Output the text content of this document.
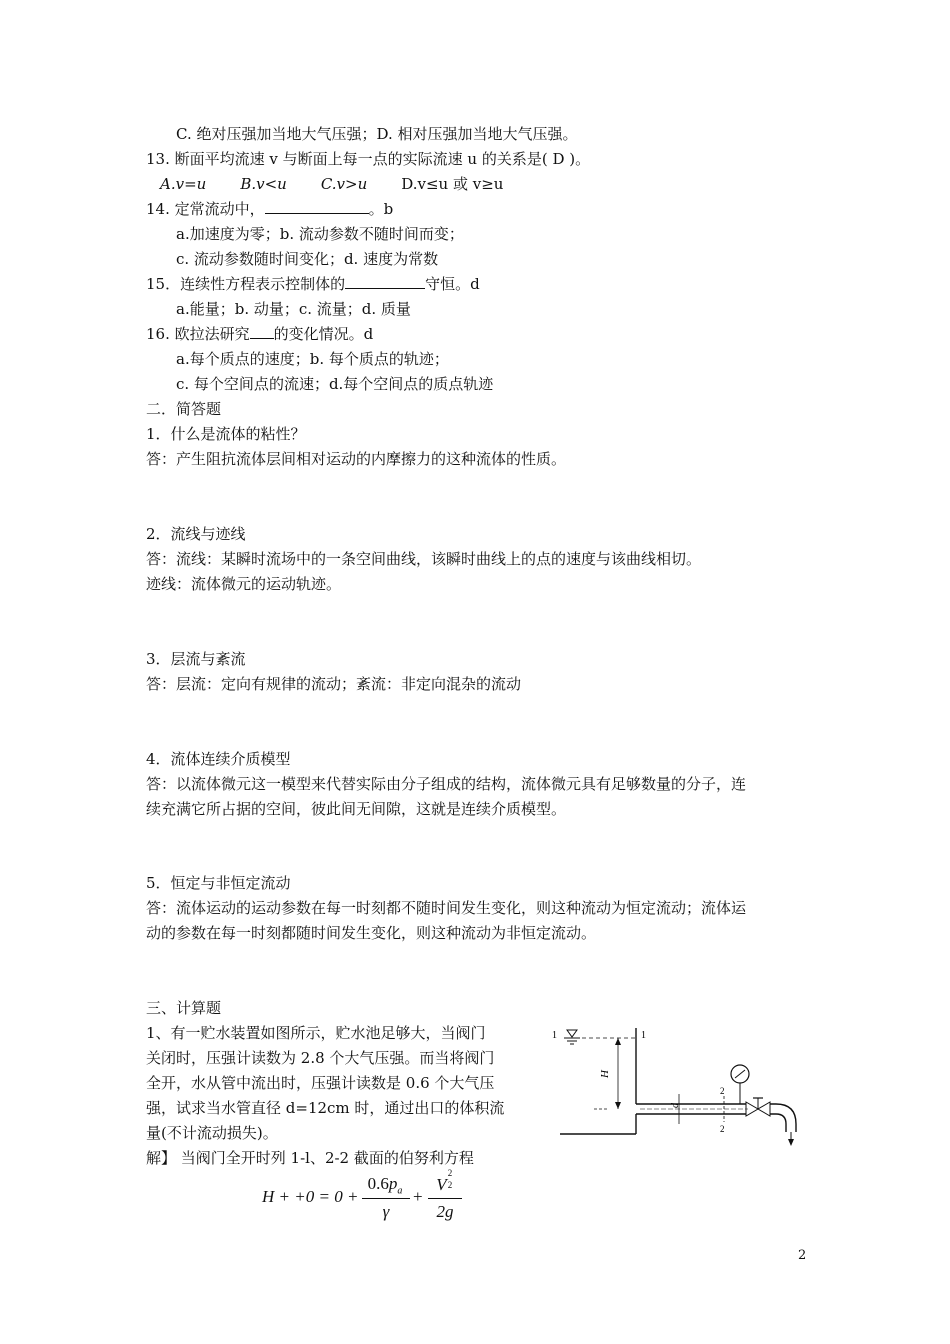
C. 绝对压强加当地大气压强；D. 相对压强加当地大气压强。
13. 断面平均流速 v 与断面上每一点的实际流速 u 的关系是( D )。
A.v=u B.v<u C.v>u D.v≤u 或 v≥u
14. 定常流动中，	。b
a.加速度为零；b. 流动参数不随时间而变；
c. 流动参数随时间变化；d. 速度为常数
15．连续性方程表示控制体的	守恒。d
a.能量；b. 动量；c. 流量；d. 质量
16. 欧拉法研究 的变化情况。d
a.每个质点的速度；b. 每个质点的轨迹；
c. 每个空间点的流速；d.每个空间点的质点轨迹
二．简答题
1．什么是流体的粘性？
答：产生阻抗流体层间相对运动的内摩擦力的这种流体的性质。
2．流线与迹线
答：流线：某瞬时流场中的一条空间曲线，该瞬时曲线上的点的速度与该曲线相切。
迹线：流体微元的运动轨迹。
3．层流与紊流
答：层流：定向有规律的流动；紊流：非定向混杂的流动
4．流体连续介质模型
答：以流体微元这一模型来代替实际由分子组成的结构，流体微元具有足够数量的分子，连
续充满它所占据的空间，彼此间无间隙，这就是连续介质模型。
5．恒定与非恒定流动
答：流体运动的运动参数在每一时刻都不随时间发生变化，则这种流动为恒定流动；流体运
动的参数在每一时刻都随时间发生变化，则这种流动为非恒定流动。
三、计算题
1、有一贮水装置如图所示，贮水池足够大，当阀门
关闭时，压强计读数为 2.8 个大气压强。而当将阀门
全开，水从管中流出时，压强计读数是 0.6 个大气压
强，试求当水管直径 d=12cm 时，通过出口的体积流
量(不计流动损失)。
解】 当阀门全开时列 1-l、2-2 截面的伯努利方程
H + +0 = 0 +
$0.6p_a$
γ
+
V
2
2
2g
1	1
H
d
2
2
2
